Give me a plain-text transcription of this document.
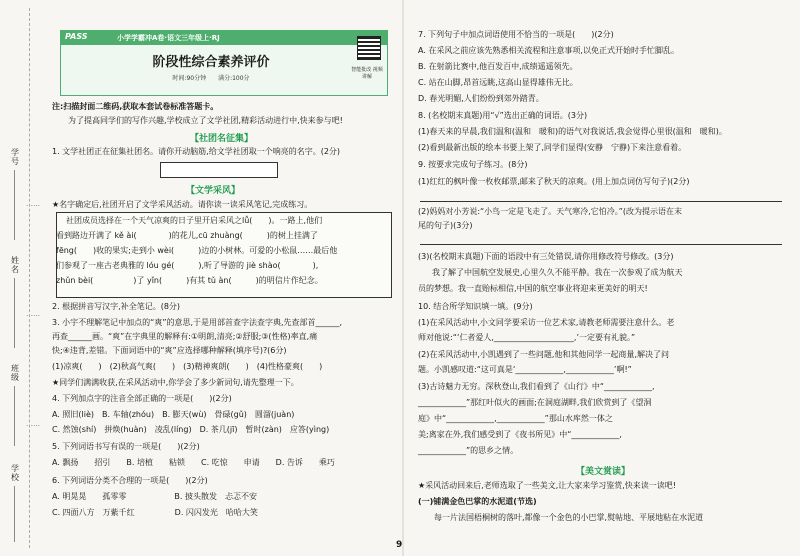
学号
姓名
班级
学校
……
……
……
PASS	小学学霸冲A卷·语文三年级上·RJ
阶段性综合素养评价
时间:90分钟　　满分:100分
智能批改 视频讲解
注:扫描封面二维码,获取本套试卷标准答题卡。
为了提高同学们的写作兴趣,学校成立了文学社团,精彩活动进行中,快来参与吧!
【社团名征集】
1. 文学社团正在征集社团名。请你开动脑筋,给文学社团取一个响亮的名字。(2分)
【文学采风】
★名字确定后,社团开启了文学采风活动。请你读一读采风笔记,完成练习。
社团成员选择在一个天气凉爽的日子里开启采风之lǚ(　　)。一路上,他们
看到路边开满了 kě ài(　　　　)的花儿,cū zhuàng(　　　)的树上挂满了
fēng(　　)收的果实;走到小 wèi(　　　)边的小树林。可爱的小松鼠……最后他
们参观了一座古老典雅的 lóu gé(　　　),听了导游的 jiè shào(　　　　),
zhǔn bèi(　　　　　)了 yǐn(　　　)有其 tǔ àn(　　　)的明信片作纪念。
2. 根据拼音写汉字,补全笔记。(8分)
3. 小宇不理解笔记中加点的“爽”的意思,于是用部首查字法查字典,先查部首______,
再查______画。“爽”在字典里的解释有:①明朗,清亮;②舒服;③(性格)率直,痛
快;④违背,差错。下面词语中的“爽”应选择哪种解释(填序号)?(6分)
(1)凉爽(　　)　(2)秋高气爽(　　)　(3)精神爽朗(　　)　(4)性格豪爽(　　)
★同学们满满收获,在采风活动中,你学会了多少新词句,请先整理一下。
4. 下列加点字的注音全部正确的一项是(　　)(2分)
A. 照旧(liè)　B. 车轴(zhóu)　B. 膨天(wù)　骨碌(gǔ)　圆溜(juàn)
C. 然蚀(shí)　拼焕(huàn)　凌乱(líng)　D. 茶几(jī)　暂时(zàn)　应答(yìng)
5. 下列词语书写有误的一项是(　　)(2分)
A. 飘扬　　招引　　B. 培植　　粘锁　　C. 吃惊　　申请　　D. 告诉　　乘巧
6. 下列词语分类不合理的一项是(　　)(2分)
A. 明晃晃　　孤零零　　　　　　B. 披头散发　忐忑不安
C. 四面八方　万紫千红　　　　　D. 闪闪发光　哈哈大笑
7. 下列句子中加点词语使用不恰当的一项是(　　)(2分)
A. 在采风之前应该先熟悉相关流程和注意事项,以免正式开始时手忙脚乱。
B. 在射箭比赛中,他百发百中,成绩遥遥领先。
C. 站在山脚,昂首远眺,这高山显得雄伟无比。
D. 春光明媚,人们纷纷到郊外踏青。
8. (名校期末真题)用“√”选出正确的词语。(3分)
(1)春天来的早晨,我们温和(温和　暖和)的语气对我说话,我会觉得心里很(温和　暖和)。
(2)看到最新出版的绘本书要上架了,同学们显得(安静　宁静)下来注意看着。
9. 按要求完成句子练习。(8分)
(1)红红的枫叶像一枚枚邮票,邮来了秋天的凉爽。(用上加点词仿写句子)(2分)
(2)妈妈对小芳说:“小鸟一定是飞走了。天气寒冷,它怕冷。”(改为提示语在末
尾的句子)(3分)
(3)(名校期末真题)下面的语段中有三处错误,请你用修改符号修改。(3分)
我了解了中国航空发展史,心里久久不能平静。我在一次参观了成为航天
员的梦想。我一直贻标相信,中国的航空事业将迎来更美好的明天!
10. 结合所学知识填一填。(9分)
(1)在采风活动中,小文同学要采访一位艺术家,请教老师需要注意什么。老
师对他说:“‘仁者爱人,____________________,’一定要有礼貌。”
(2)在采风活动中,小凯遇到了一些问题,他和其他同学一起商量,解决了问
题。小凯感叹道:“这可真是‘____________,____________’啊!”
(3)古诗魅力无穷。深秋登山,我们看到了《山行》中“____________,
____________”那红叶似火的画面;在洞庭湖畔,我们欣赏到了《望洞
庭》中“____________,____________”那山水库然一体之
美;离家在外,我们感受到了《夜书所见》中“____________,
____________”的思乡之情。
【美文赏读】
★采风活动回来后,老师选取了一些美文,让大家来学习鉴赏,快来读一读吧!
(一)铺满金色巴掌的水泥道(节选)
每一片法国梧桐树的落叶,都像一个金色的小巴掌,熨帖地、平展地粘在水泥道
9
